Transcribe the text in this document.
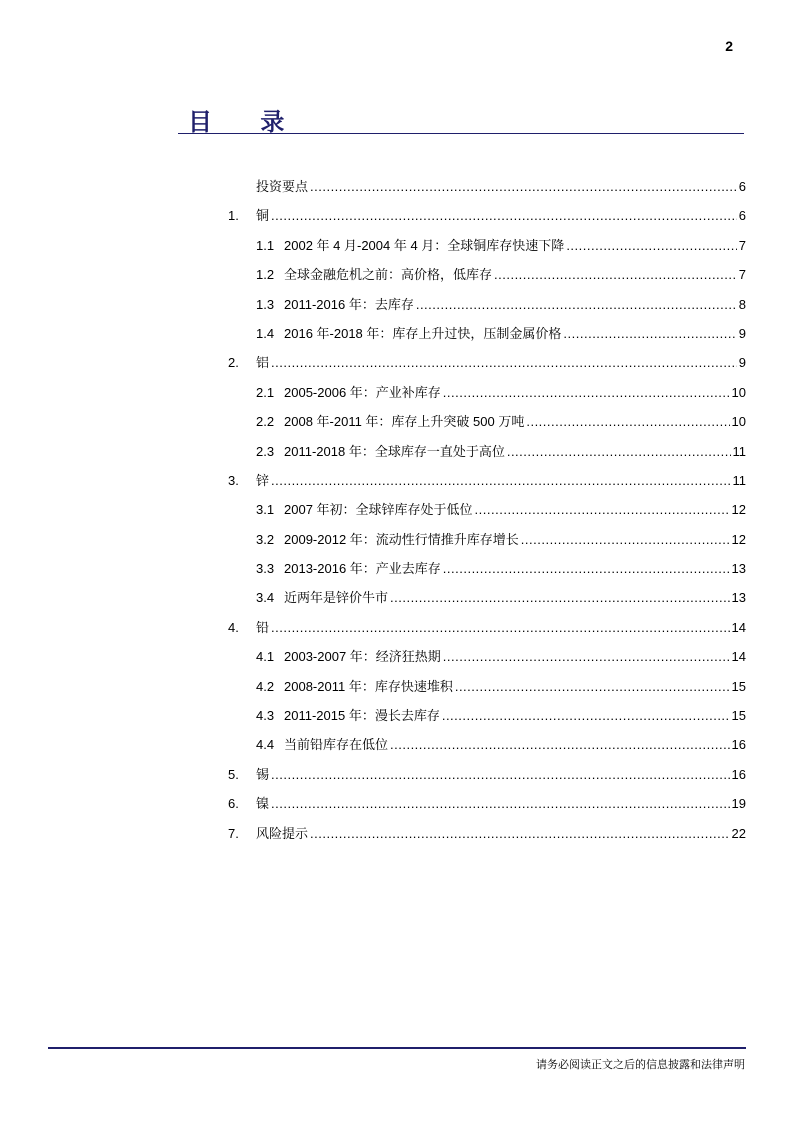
2
目 录
投资要点 .....	6
1.	铜 .....	6
1.1 2002 年 4 月-2004 年 4 月：全球铜库存快速下降 .....	7
1.2 全球金融危机之前：高价格，低库存 .....	7
1.3 2011-2016 年：去库存 .....	8
1.4 2016 年-2018 年：库存上升过快，压制金属价格 .....	9
2.	铝 .....	9
2.1 2005-2006 年：产业补库存 .....	10
2.2 2008 年-2011 年：库存上升突破 500 万吨 .....	10
2.3 2011-2018 年：全球库存一直处于高位 .....	11
3.	锌 .....	11
3.1 2007 年初：全球锌库存处于低位 .....	12
3.2 2009-2012 年：流动性行情推升库存增长 .....	12
3.3 2013-2016 年：产业去库存 .....	13
3.4 近两年是锌价牛市 .....	13
4.	铅 .....	14
4.1 2003-2007 年：经济狂热期 .....	14
4.2 2008-2011 年：库存快速堆积 .....	15
4.3 2011-2015 年：漫长去库存 .....	15
4.4 当前铅库存在低位 .....	16
5.	锡 .....	16
6.	镍 .....	19
7.	风险提示 .....	22
请务必阅读正文之后的信息披露和法律声明
